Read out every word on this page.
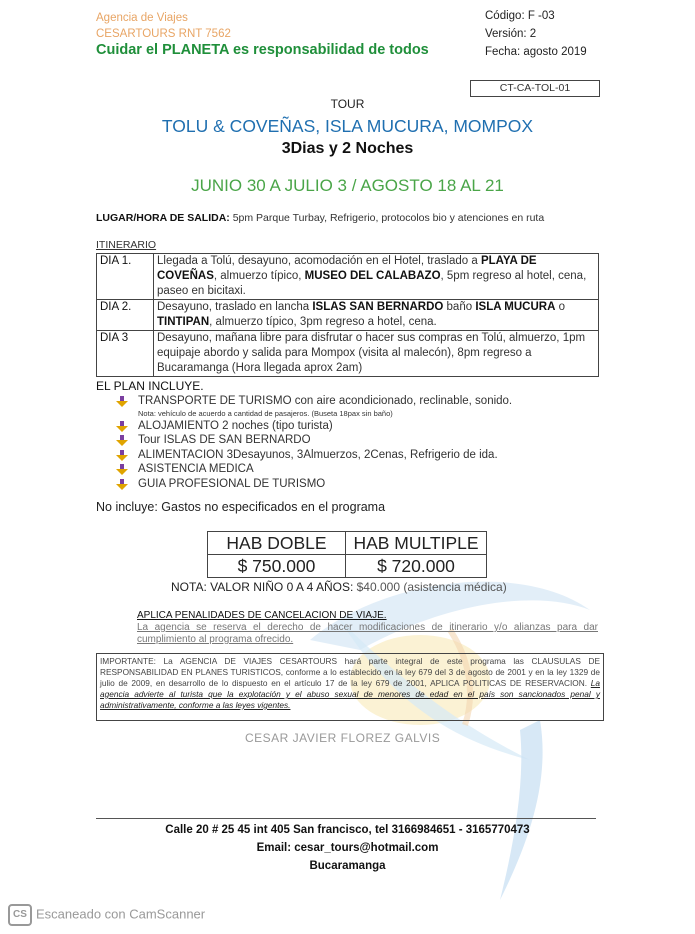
Agencia de Viajes
CESARTOURS RNT 7562
Cuidar el PLANETA es responsabilidad de todos
Código: F -03
Versión: 2
Fecha: agosto 2019
CT-CA-TOL-01
TOUR
TOLU & COVEÑAS, ISLA MUCURA, MOMPOX
3Dias y 2 Noches
JUNIO 30 A JULIO 3 / AGOSTO 18 AL 21
LUGAR/HORA DE SALIDA: 5pm Parque Turbay, Refrigerio, protocolos bio y atenciones en ruta
ITINERARIO
DIA 1.	Llegada a Tolú, desayuno, acomodación en el Hotel, traslado a PLAYA DE COVEÑAS, almuerzo típico, MUSEO DEL CALABAZO, 5pm regreso al hotel, cena, paseo en bicitaxi.
DIA 2.	Desayuno, traslado en lancha ISLAS SAN BERNARDO baño ISLA MUCURA o TINTIPAN, almuerzo típico, 3pm regreso a hotel, cena.
DIA 3	Desayuno, mañana libre para disfrutar o hacer sus compras en Tolú, almuerzo, 1pm equipaje abordo y salida para Mompox (visita al malecón), 8pm regreso a Bucaramanga (Hora llegada aprox 2am)
EL PLAN INCLUYE.
TRANSPORTE DE TURISMO con aire acondicionado, reclinable, sonido.
Nota: vehículo de acuerdo a cantidad de pasajeros. (Buseta 18pax sin baño)
ALOJAMIENTO 2 noches (tipo turista)
Tour ISLAS DE SAN BERNARDO
ALIMENTACION 3Desayunos, 3Almuerzos, 2Cenas, Refrigerio de ida.
ASISTENCIA MEDICA
GUIA PROFESIONAL DE TURISMO
No incluye: Gastos no especificados en el programa
HAB DOBLE	HAB MULTIPLE
$ 750.000	$ 720.000
NOTA: VALOR NIÑO 0 A 4 AÑOS: $40.000 (asistencia médica)
APLICA PENALIDADES DE CANCELACION DE VIAJE.
La agencia se reserva el derecho de hacer modificaciones de itinerario y/o alianzas para dar cumplimiento al programa ofrecido.
IMPORTANTE: La AGENCIA DE VIAJES CESARTOURS hará parte integral de este programa las CLAUSULAS DE RESPONSABILIDAD EN PLANES TURISTICOS, conforme a lo establecido en la ley 679 del 3 de agosto de 2001 y en la ley 1329 de julio de 2009, en desarrollo de lo dispuesto en el artículo 17 de la ley 679 de 2001, APLICA POLITICAS DE RESERVACION. La agencia advierte al turista que la explotación y el abuso sexual de menores de edad en el país son sancionados penal y administrativamente, conforme a las leyes vigentes.
CESAR JAVIER FLOREZ GALVIS
Calle 20 # 25 45 int 405 San francisco, tel 3166984651 - 3165770473
Email: cesar_tours@hotmail.com
Bucaramanga
CS Escaneado con CamScanner
